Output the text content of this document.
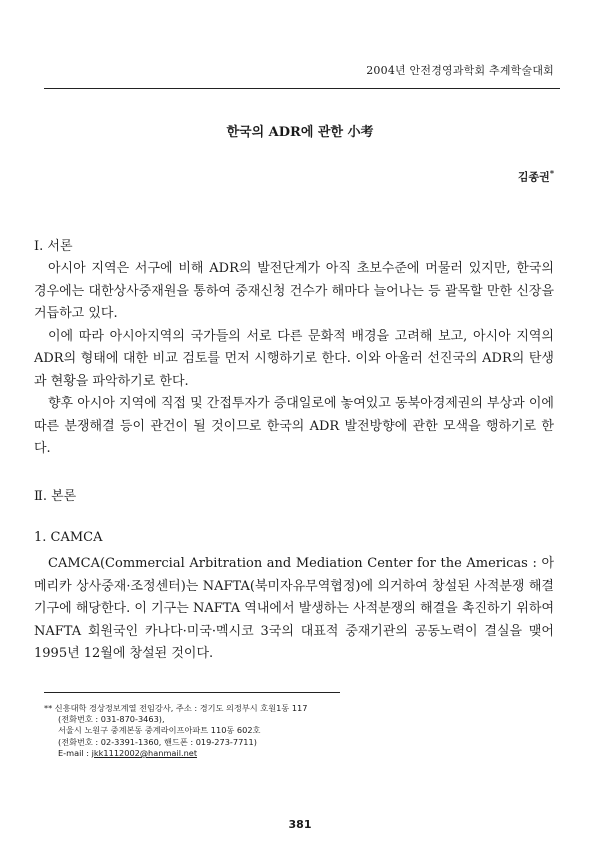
2004년 안전경영과학회 추계학술대회
한국의 ADR에 관한 小考
김종권*
Ⅰ. 서론

아시아 지역은 서구에 비해 ADR의 발전단계가 아직 초보수준에 머물러 있지만, 한국의 경우에는 대한상사중재원을 통하여 중재신청 건수가 해마다 늘어나는 등 괄목할 만한 신장을 거듭하고 있다.

이에 따라 아시아지역의 국가들의 서로 다른 문화적 배경을 고려해 보고, 아시아 지역의 ADR의 형태에 대한 비교 검토를 먼저 시행하기로 한다. 이와 아울러 선진국의 ADR의 탄생과 현황을 파악하기로 한다.

향후 아시아 지역에 직접 및 간접투자가 증대일로에 놓여있고 동북아경제권의 부상과 이에 따른 분쟁해결 등이 관건이 될 것이므로 한국의 ADR 발전방향에 관한 모색을 행하기로 한다.

Ⅱ. 본론
1. CAMCA

CAMCA(Commercial Arbitration and Mediation Center for the Americas : 아메리카 상사중재·조정센터)는 NAFTA(북미자유무역협정)에 의거하여 창설된 사적분쟁 해결기구에 해당한다. 이 기구는 NAFTA 역내에서 발생하는 사적분쟁의 해결을 촉진하기 위하여 NAFTA 회원국인 카나다·미국·멕시코 3국의 대표적 중재기관의 공동노력이 결실을 맺어 1995년 12월에 창설된 것이다.

** 신흥대학 경상정보계열 전임강사, 주소 : 경기도 의정부시 호원1동 117
(전화번호 : 031-870-3463),
서울시 노원구 중계본동 중계라이프아파트 110동 602호
(전화번호 : 02-3391-1360, 핸드폰 : 019-273-7711)
E-mail : jkk1112002@hanmail.net
381
